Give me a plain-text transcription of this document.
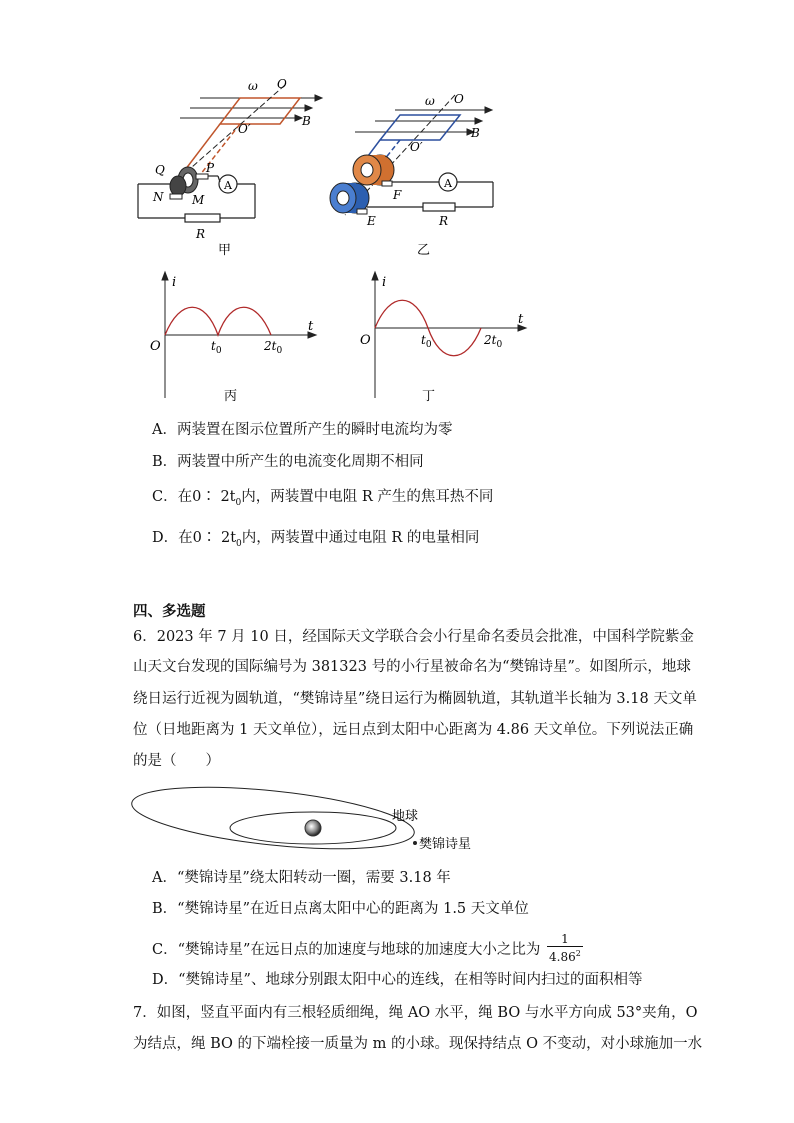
A
ω O
O′
B
Q	P
N M
R
甲
A
ω O
O′
B
F
E	R
乙
i
t
O	$t_0$	$2t_0$
丙
i
t
O	$t_0$	$2t_0$
丁
A．两装置在图示位置所产生的瞬时电流均为零
B．两装置中所产生的电流变化周期不相同
C．在0∶ $2t_0$内，两装置中电阻 R 产生的焦耳热不同
D．在0∶ $2t_0$内，两装置中通过电阻 R 的电量相同
四、多选题
6．2023 年 7 月 10 日，经国际天文学联合会小行星命名委员会批准，中国科学院紫金
山天文台发现的国际编号为 381323 号的小行星被命名为“樊锦诗星”。如图所示，地球
绕日运行近视为圆轨道，“樊锦诗星”绕日运行为椭圆轨道，其轨道半长轴为 3.18 天文单
位（日地距离为 1 天文单位），远日点到太阳中心距离为 4.86 天文单位。下列说法正确
的是（　　）
地球
樊锦诗星
A．“樊锦诗星”绕太阳转动一圈，需要 3.18 年
B．“樊锦诗星”在近日点离太阳中心的距离为 1.5 天文单位
C．“樊锦诗星”在远日点的加速度与地球的加速度大小之比为 $\frac{1}{4.86^2}$
D．“樊锦诗星”、地球分别跟太阳中心的连线，在相等时间内扫过的面积相等
7．如图，竖直平面内有三根轻质细绳，绳 AO 水平，绳 BO 与水平方向成 53°夹角，O
为结点，绳 BO 的下端栓接一质量为 m 的小球。现保持结点 O 不变动，对小球施加一水
